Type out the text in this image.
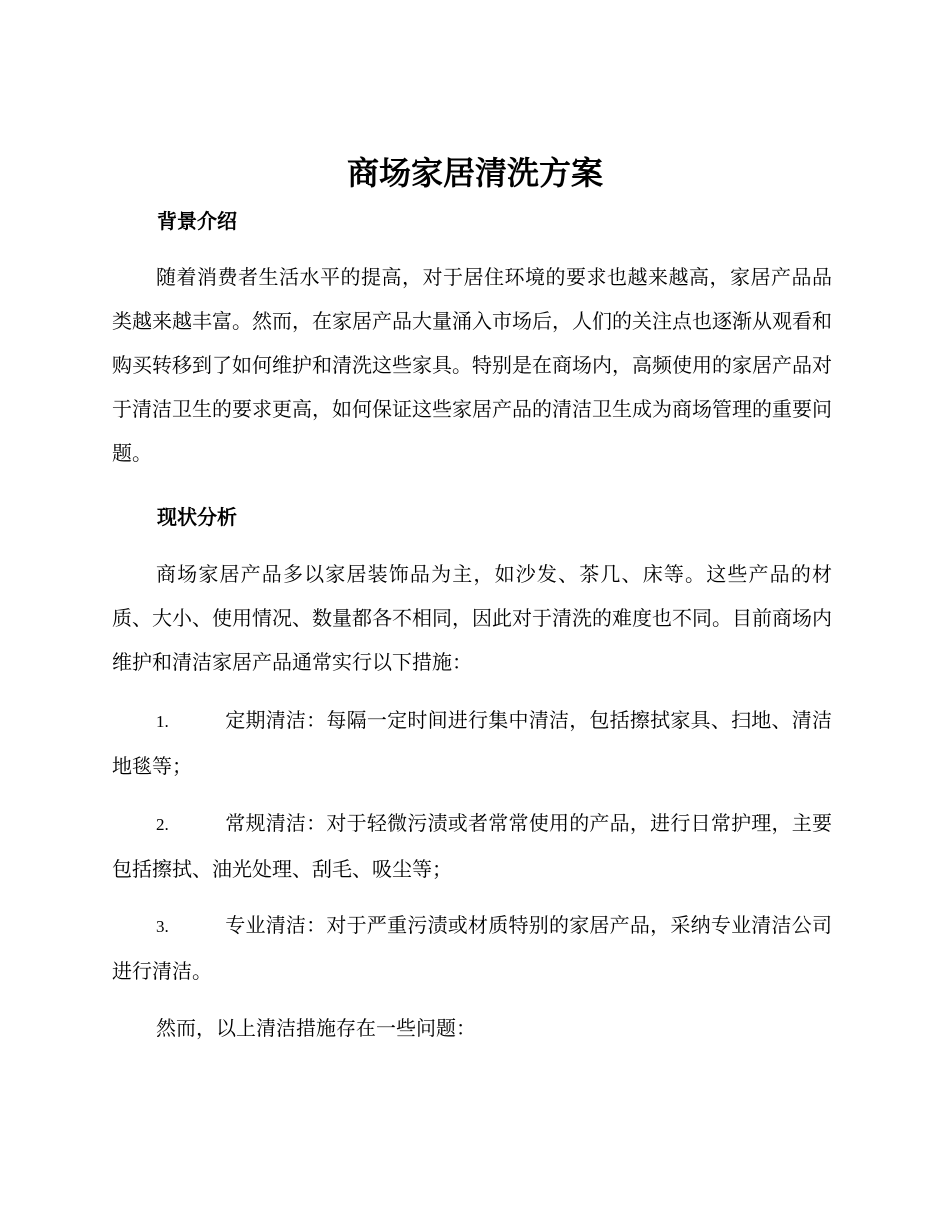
商场家居清洗方案
背景介绍
随着消费者生活水平的提高，对于居住环境的要求也越来越高，家居产品品类越来越丰富。然而，在家居产品大量涌入市场后，人们的关注点也逐渐从观看和购买转移到了如何维护和清洗这些家具。特别是在商场内，高频使用的家居产品对于清洁卫生的要求更高，如何保证这些家居产品的清洁卫生成为商场管理的重要问题。
现状分析
商场家居产品多以家居装饰品为主，如沙发、茶几、床等。这些产品的材质、大小、使用情况、数量都各不相同，因此对于清洗的难度也不同。目前商场内维护和清洁家居产品通常实行以下措施：
1.	定期清洁：每隔一定时间进行集中清洁，包括擦拭家具、扫地、清洁地毯等；
2.	常规清洁：对于轻微污渍或者常常使用的产品，进行日常护理，主要包括擦拭、油光处理、刮毛、吸尘等；
3.	专业清洁：对于严重污渍或材质特别的家居产品，采纳专业清洁公司进行清洁。
然而，以上清洁措施存在一些问题：
